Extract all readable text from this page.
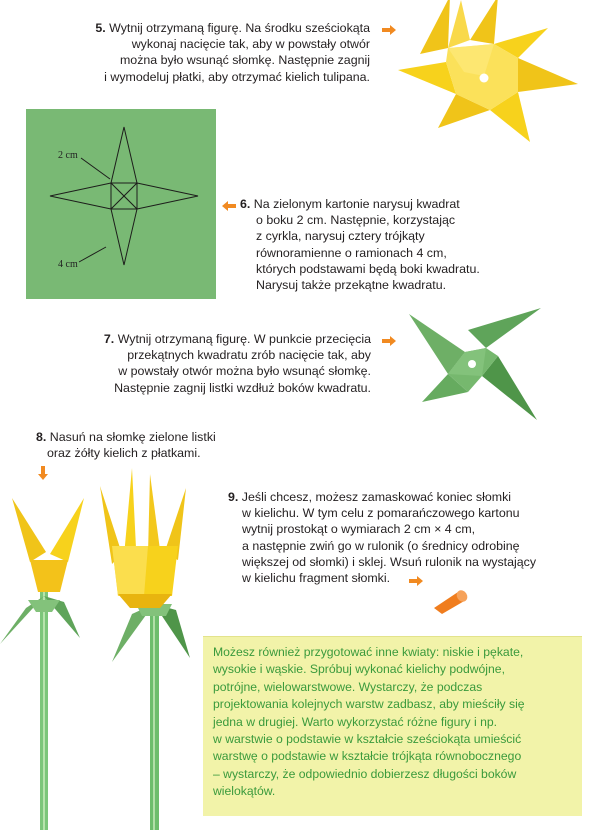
5. Wytnij otrzymaną figurę. Na środku sześciokąta
wykonaj nacięcie tak, aby w powstały otwór
można było wsunąć słomkę. Następnie zagnij
i wymodeluj płatki, aby otrzymać kielich tulipana.
2 cm
4 cm
6. Na zielonym kartonie narysuj kwadrat
o boku 2 cm. Następnie, korzystając
z cyrkla, narysuj cztery trójkąty
równoramienne o ramionach 4 cm,
których podstawami będą boki kwadratu.
Narysuj także przekątne kwadratu.
7. Wytnij otrzymaną figurę. W punkcie przecięcia
przekątnych kwadratu zrób nacięcie tak, aby
w powstały otwór można było wsunąć słomkę.
Następnie zagnij listki wzdłuż boków kwadratu.
8. Nasuń na słomkę zielone listki
oraz żółty kielich z płatkami.
9. Jeśli chcesz, możesz zamaskować koniec słomki
w kielichu. W tym celu z pomarańczowego kartonu
wytnij prostokąt o wymiarach 2 cm × 4 cm,
a następnie zwiń go w rulonik (o średnicy odrobinę
większej od słomki) i sklej. Wsuń rulonik na wystający
w kielichu fragment słomki.
Możesz również przygotować inne kwiaty: niskie i pękate,
wysokie i wąskie. Spróbuj wykonać kielichy podwójne,
potrójne, wielowarstwowe. Wystarczy, że podczas
projektowania kolejnych warstw zadbasz, aby mieściły się
jedna w drugiej. Warto wykorzystać różne figury i np.
w warstwie o podstawie w kształcie sześciokąta umieścić
warstwę o podstawie w kształcie trójkąta równobocznego
– wystarczy, że odpowiednio dobierzesz długości boków
wielokątów.
